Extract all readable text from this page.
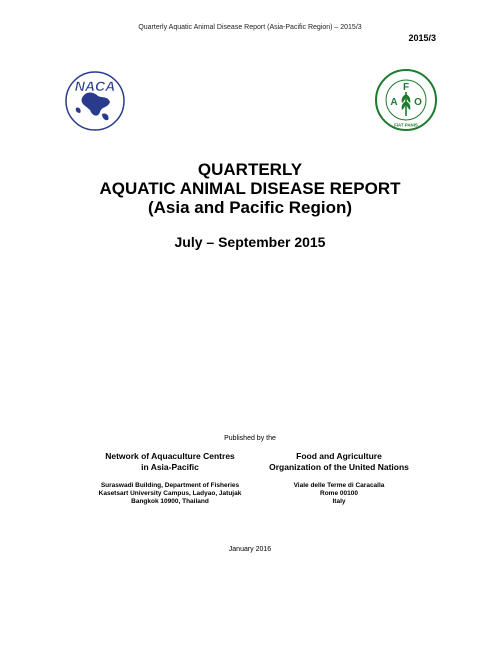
Quarterly Aquatic Animal Disease Report (Asia-Pacific Region) – 2015/3
2015/3
NACA	F
A O
FIAT PANIS
QUARTERLY
AQUATIC ANIMAL DISEASE REPORT
(Asia and Pacific Region)
July – September 2015
Published by the
Network of Aquaculture Centres
in Asia-Pacific
Suraswadi Building, Department of Fisheries
Kasetsart University Campus, Ladyao, Jatujak
Bangkok 10900, Thailand
Food and Agriculture
Organization of the United Nations
Viale delle Terme di Caracalla
Rome 00100
Italy
January 2016
